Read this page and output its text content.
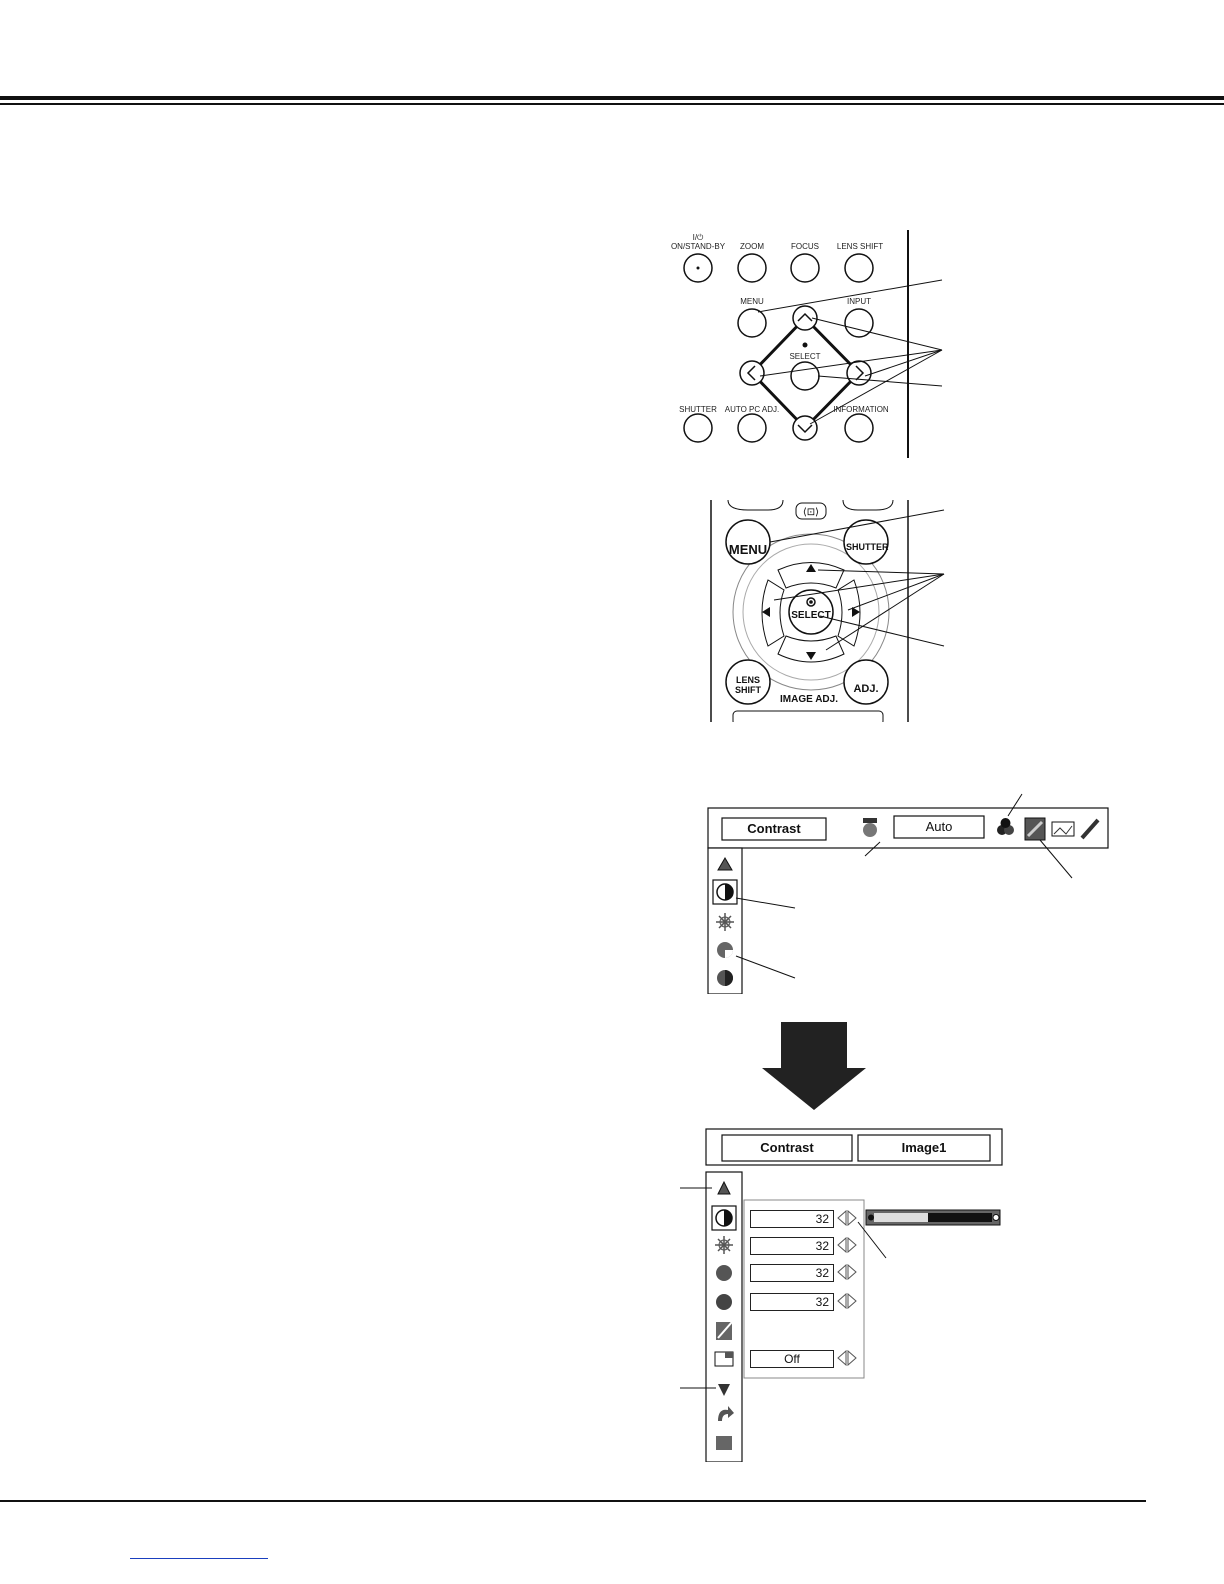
I/⏻
ON/STAND-BY	ZOOM	FOCUS	LENS SHIFT
MENU	INPUT
SELECT
SHUTTER AUTO PC ADJ.	INFORMATION
⟨⊡⟩
MENU	SHUTTER
SELECT
LENS SHIFT	ADJ.
IMAGE ADJ.
Contrast	Auto
Contrast	Image1
32
32
32
32
Off
